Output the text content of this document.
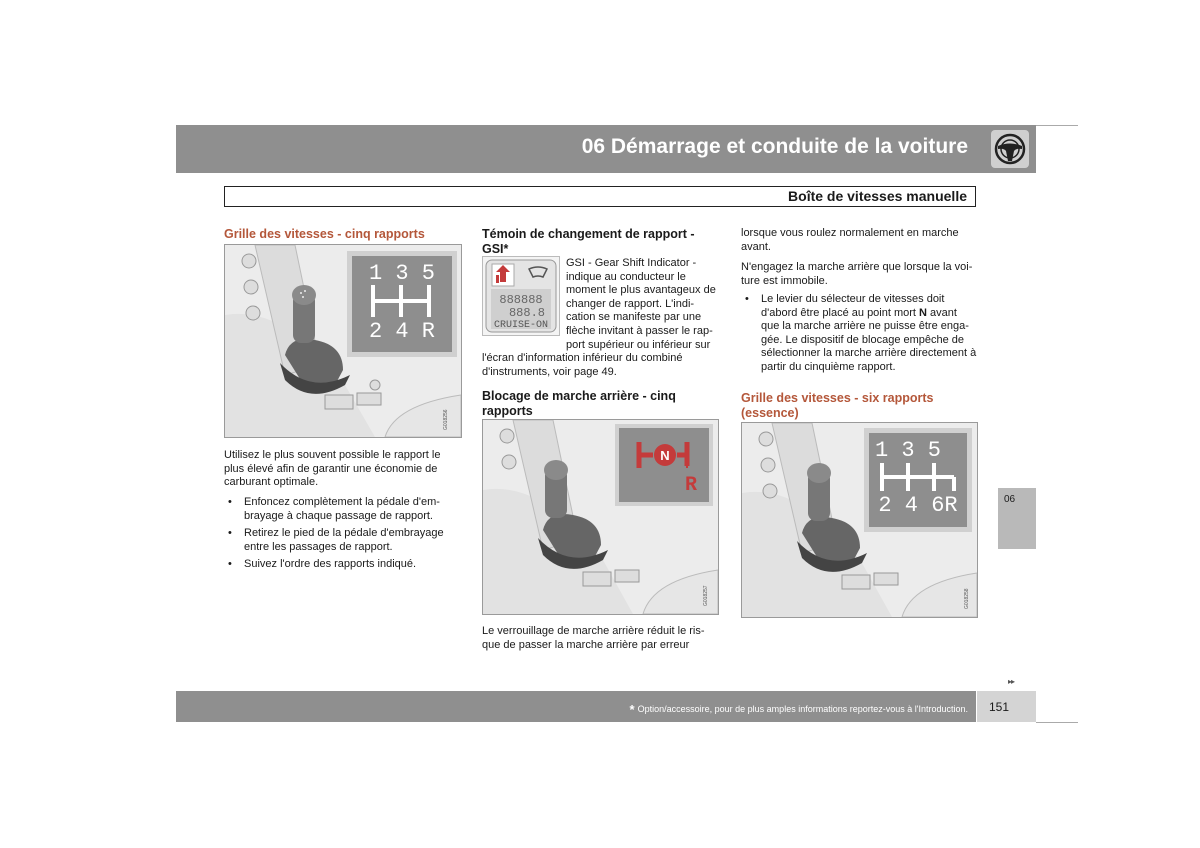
06 Démarrage et conduite de la voiture
Boîte de vitesses manuelle
Grille des vitesses - cinq rapports
1 3 5
2 4 R
G018256

Utilisez le plus souvent possible le rapport le plus élevé afin de garantir une économie de carburant optimale.

• Enfoncez complètement la pédale d'em-brayage à chaque passage de rapport.
• Retirez le pied de la pédale d'embrayage entre les passages de rapport.
• Suivez l'ordre des rapports indiqué.
Témoin de changement de rapport - GSI*
888888
888.8
CRUISE-ON

GSI - Gear Shift Indicator - indique au conducteur le moment le plus avantageux de changer de rapport. L'indi-cation se manifeste par une flèche invitant à passer le rap-port supérieur ou inférieur sur

l'écran d'information inférieur du combiné d'instruments, voir page 49.

Blocage de marche arrière - cinq rapports
N
R
G018257

Le verrouillage de marche arrière réduit le ris-que de passer la marche arrière par erreur

lorsque vous roulez normalement en marche avant.

N'engagez la marche arrière que lorsque la voi-ture est immobile.

• Le levier du sélecteur de vitesses doit d'abord être placé au point mort N avant que la marche arrière ne puisse être enga-gée. Le dispositif de blocage empêche de sélectionner la marche arrière directement à partir du cinquième rapport.
Grille des vitesses - six rapports (essence)
1 3 5
2 4 6R
G018258
06
▸▸
* Option/accessoire, pour de plus amples informations reportez-vous à l'Introduction. 151
